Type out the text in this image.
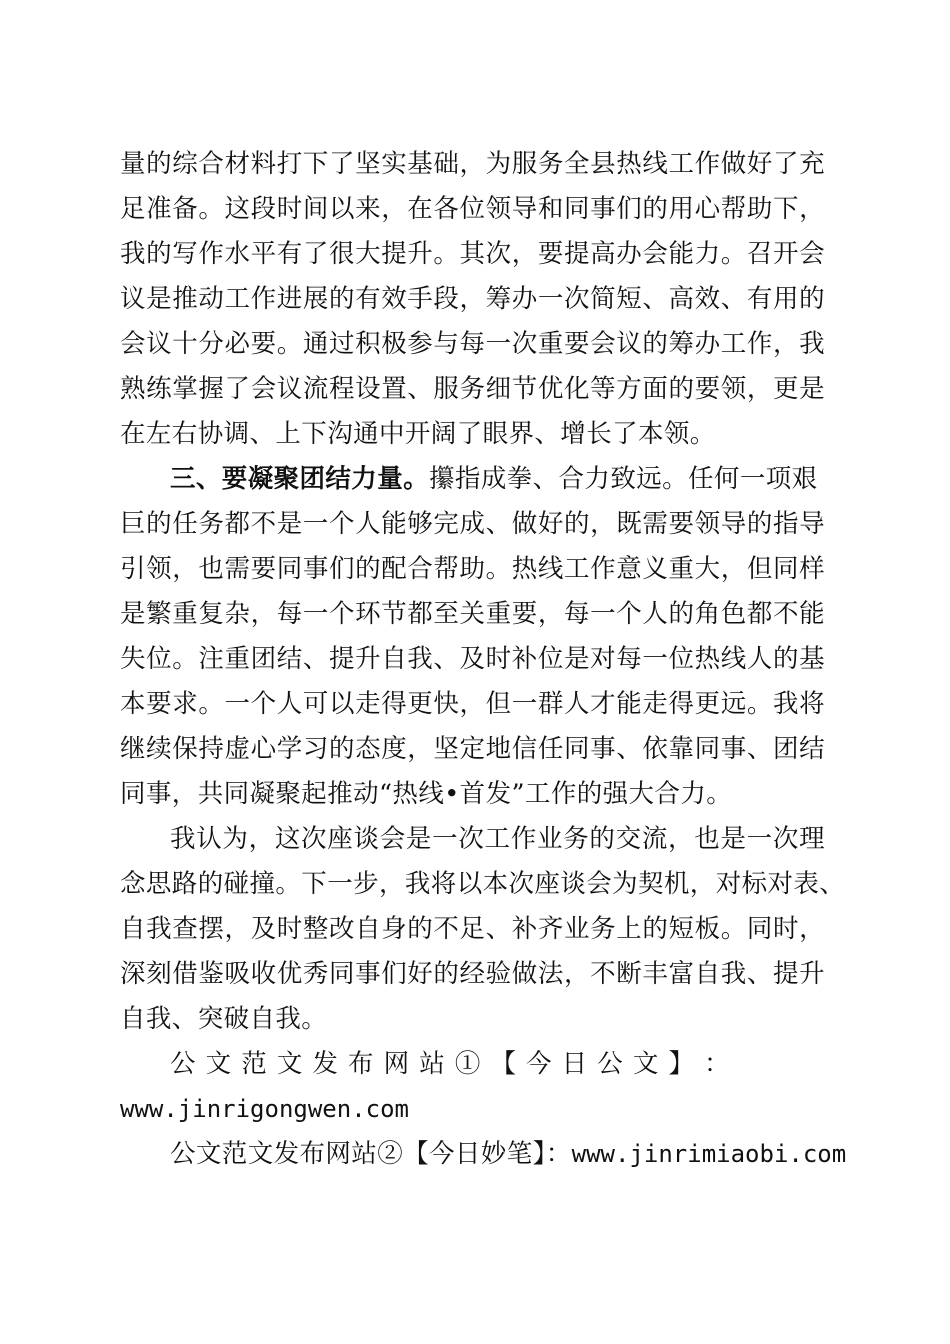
量的综合材料打下了坚实基础，为服务全县热线工作做好了充
足准备。这段时间以来，在各位领导和同事们的用心帮助下，
我的写作水平有了很大提升。其次，要提高办会能力。召开会
议是推动工作进展的有效手段，筹办一次简短、高效、有用的
会议十分必要。通过积极参与每一次重要会议的筹办工作，我
熟练掌握了会议流程设置、服务细节优化等方面的要领，更是
在左右协调、上下沟通中开阔了眼界、增长了本领。
三、要凝聚团结力量。攥指成拳、合力致远。任何一项艰
巨的任务都不是一个人能够完成、做好的，既需要领导的指导
引领，也需要同事们的配合帮助。热线工作意义重大，但同样
是繁重复杂，每一个环节都至关重要，每一个人的角色都不能
失位。注重团结、提升自我、及时补位是对每一位热线人的基
本要求。一个人可以走得更快，但一群人才能走得更远。我将
继续保持虚心学习的态度，坚定地信任同事、依靠同事、团结
同事，共同凝聚起推动“热线•首发”工作的强大合力。
我认为，这次座谈会是一次工作业务的交流，也是一次理
念思路的碰撞。下一步，我将以本次座谈会为契机，对标对表、
自我查摆，及时整改自身的不足、补齐业务上的短板。同时，
深刻借鉴吸收优秀同事们好的经验做法，不断丰富自我、提升
自我、突破自我。
公 文 范 文 发 布 网 站 ① 【 今 日 公 文 】 ：
www.jinrigongwen.com
公文范文发布网站②【今日妙笔】：www.jinrimiaobi.com
